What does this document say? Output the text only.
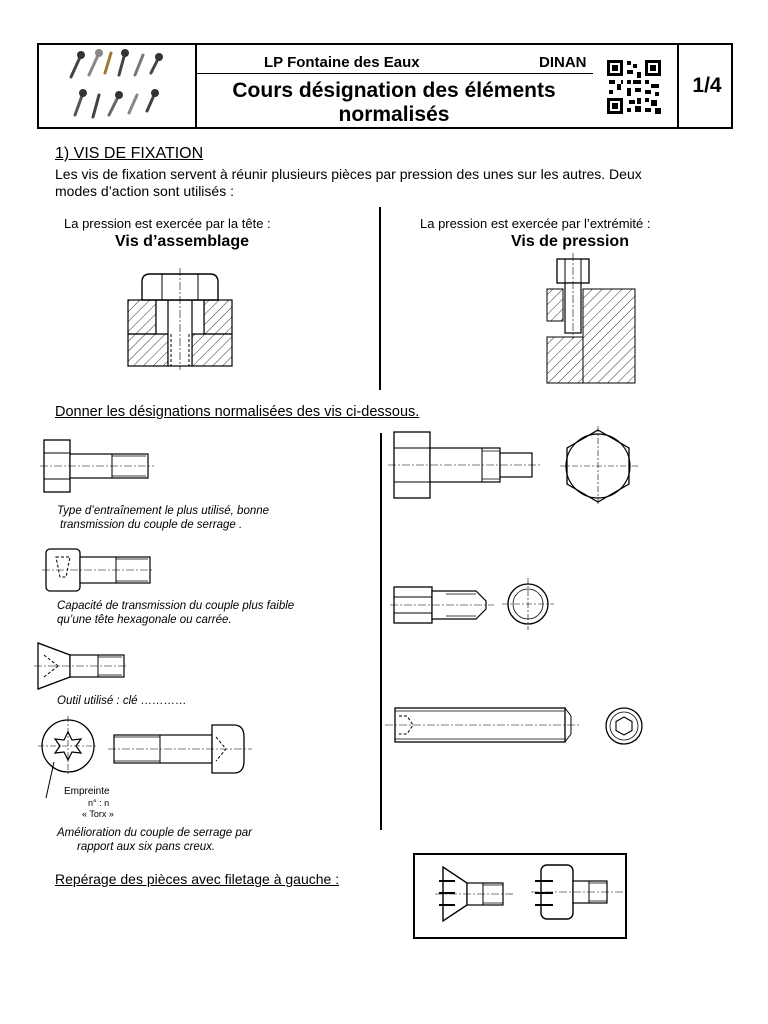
LP Fontaine des Eaux	DINAN
Cours désignation des éléments
normalisés
1/4
1) VIS DE FIXATION
Les vis de fixation servent à réunir plusieurs pièces par pression des unes sur les autres. Deux
modes d’action sont utilisés :
La pression est exercée par la tête :
Vis d’assemblage
La pression est exercée par l’extrémité :
Vis de pression
Donner les désignations normalisées des vis ci-dessous.
Type d’entraînement le plus utilisé, bonne
transmission du couple de serrage .
Capacité de transmission du couple plus faible
qu’une tête hexagonale ou carrée.
Outil utilisé : clé …………
Empreinte
n° : n
« Torx »
Amélioration du couple de serrage par
rapport aux six pans creux.
Repérage des pièces avec filetage à gauche :
